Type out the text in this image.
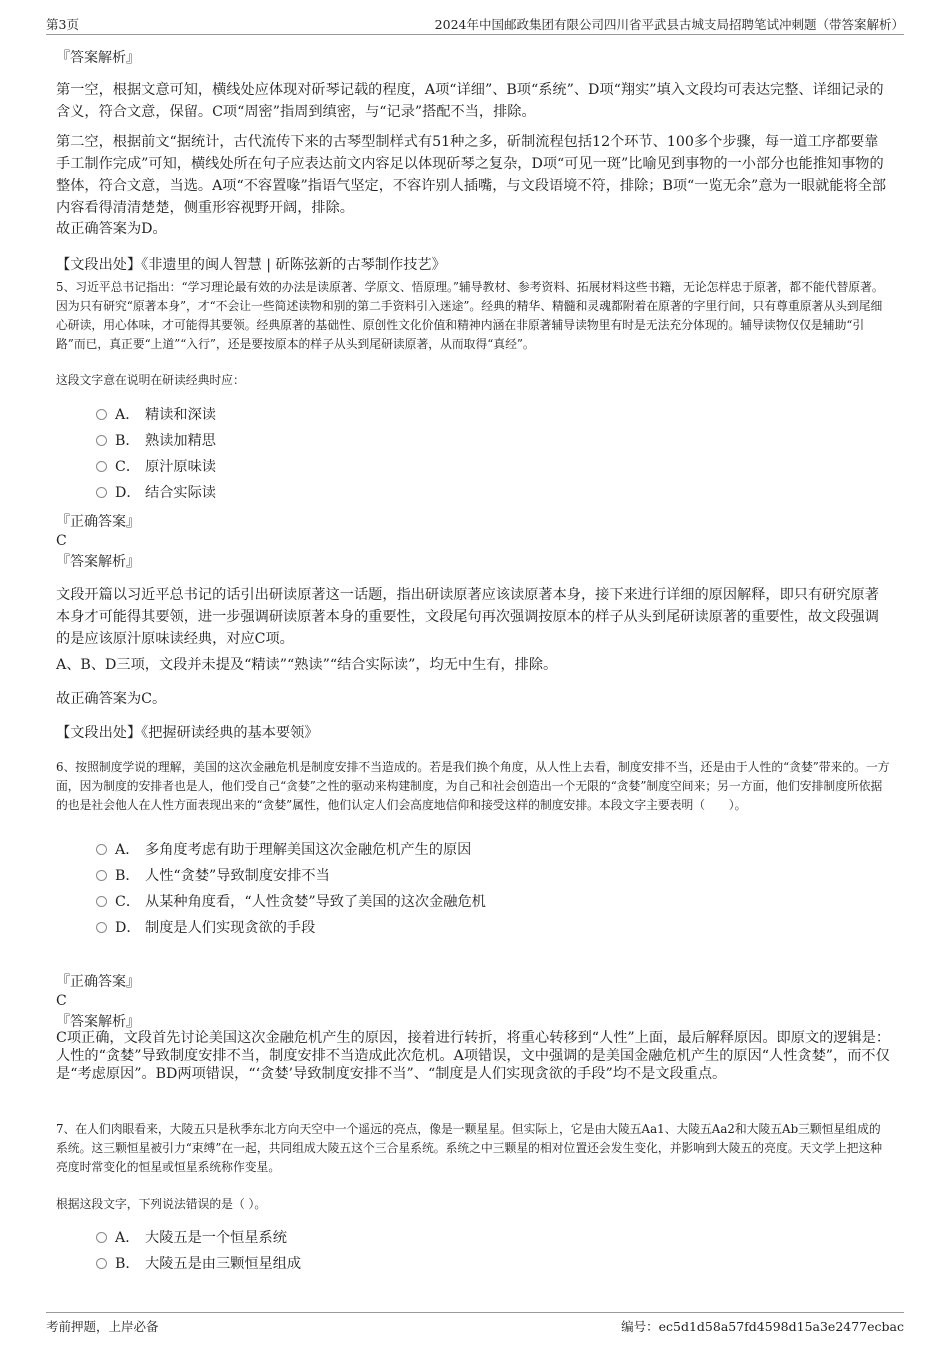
第3页	2024年中国邮政集团有限公司四川省平武县古城支局招聘笔试冲刺题（带答案解析）
『答案解析』

第一空，根据文意可知，横线处应体现对斫琴记载的程度，A项“详细”、B项“系统”、D项“翔实”填入文段均可表达完整、详细记录的含义，符合文意，保留。C项“周密”指周到缜密，与“记录”搭配不当，排除。

第二空，根据前文“据统计，古代流传下来的古琴型制样式有51种之多，斫制流程包括12个环节、100多个步骤，每一道工序都要靠手工制作完成”可知，横线处所在句子应表达前文内容足以体现斫琴之复杂，D项“可见一斑”比喻见到事物的一小部分也能推知事物的整体，符合文意，当选。A项“不容置喙”指语气坚定，不容许别人插嘴，与文段语境不符，排除；B项“一览无余”意为一眼就能将全部内容看得清清楚楚，侧重形容视野开阔，排除。

故正确答案为D。

【文段出处】《非遗里的闽人智慧 | 斫陈弦新的古琴制作技艺》

5、习近平总书记指出：“学习理论最有效的办法是读原著、学原文、悟原理。”辅导教材、参考资料、拓展材料这些书籍，无论怎样忠于原著，都不能代替原著。因为只有研究“原著本身”，才“不会让一些简述读物和别的第二手资料引入迷途”。经典的精华、精髓和灵魂都附着在原著的字里行间，只有尊重原著从头到尾细心研读，用心体味，才可能得其要领。经典原著的基础性、原创性文化价值和精神内涵在非原著辅导读物里有时是无法充分体现的。辅导读物仅仅是辅助“引路”而已，真正要“上道”“入行”，还是要按原本的样子从头到尾研读原著，从而取得“真经”。

这段文字意在说明在研读经典时应：

A． 精读和深读
B． 熟读加精思
C． 原汁原味读
D． 结合实际读
『正确答案』
C
『答案解析』

文段开篇以习近平总书记的话引出研读原著这一话题，指出研读原著应该读原著本身，接下来进行详细的原因解释，即只有研究原著本身才可能得其要领，进一步强调研读原著本身的重要性，文段尾句再次强调按原本的样子从头到尾研读原著的重要性，故文段强调的是应该原汁原味读经典，对应C项。

A、B、D三项，文段并未提及“精读”“熟读”“结合实际读”，均无中生有，排除。

故正确答案为C。

【文段出处】《把握研读经典的基本要领》

6、按照制度学说的理解，美国的这次金融危机是制度安排不当造成的。若是我们换个角度，从人性上去看，制度安排不当，还是由于人性的“贪婪”带来的。一方面，因为制度的安排者也是人，他们受自己“贪婪”之性的驱动来构建制度，为自己和社会创造出一个无限的“贪婪”制度空间来；另一方面，他们安排制度所依据的也是社会他人在人性方面表现出来的“贪婪”属性，他们认定人们会高度地信仰和接受这样的制度安排。本段文字主要表明（　　）。

A． 多角度考虑有助于理解美国这次金融危机产生的原因
B． 人性“贪婪”导致制度安排不当
C． 从某种角度看，“人性贪婪”导致了美国的这次金融危机
D． 制度是人们实现贪欲的手段
『正确答案』
C
『答案解析』

C项正确，文段首先讨论美国这次金融危机产生的原因，接着进行转折，将重心转移到“人性”上面，最后解释原因。即原文的逻辑是：人性的“贪婪”导致制度安排不当，制度安排不当造成此次危机。A项错误，文中强调的是美国金融危机产生的原因“人性贪婪”，而不仅是“考虑原因”。BD两项错误，“‘贪婪’导致制度安排不当”、“制度是人们实现贪欲的手段”均不是文段重点。

7、在人们肉眼看来，大陵五只是秋季东北方向天空中一个遥远的亮点，像是一颗星星。但实际上，它是由大陵五Aa1、大陵五Aa2和大陵五Ab三颗恒星组成的系统。这三颗恒星被引力“束缚”在一起，共同组成大陵五这个三合星系统。系统之中三颗星的相对位置还会发生变化，并影响到大陵五的亮度。天文学上把这种亮度时常变化的恒星或恒星系统称作变星。

根据这段文字，下列说法错误的是（ ）。

A． 大陵五是一个恒星系统
B． 大陵五是由三颗恒星组成
考前押题，上岸必备	编号：ec5d1d58a57fd4598d15a3e2477ecbac
